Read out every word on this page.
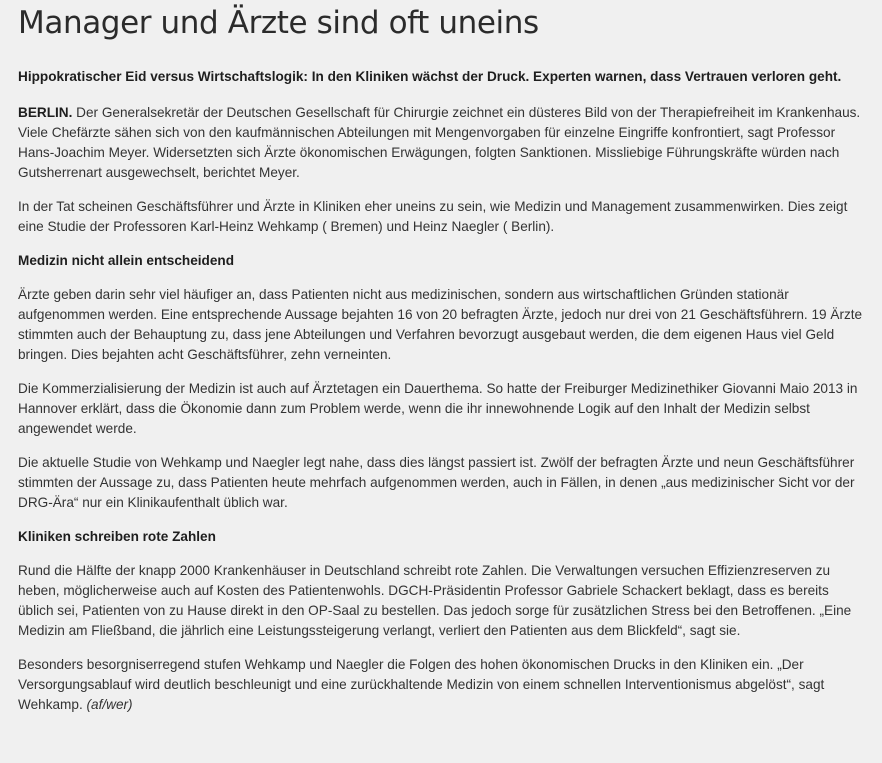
Manager und Ärzte sind oft uneins
Hippokratischer Eid versus Wirtschaftslogik: In den Kliniken wächst der Druck. Experten warnen, dass Vertrauen verloren geht.

BERLIN. Der Generalsekretär der Deutschen Gesellschaft für Chirurgie zeichnet ein düsteres Bild von der Therapiefreiheit im Krankenhaus. Viele Chefärzte sähen sich von den kaufmännischen Abteilungen mit Mengenvorgaben für einzelne Eingriffe konfrontiert, sagt Professor Hans-Joachim Meyer. Widersetzten sich Ärzte ökonomischen Erwägungen, folgten Sanktionen. Missliebige Führungskräfte würden nach Gutsherrenart ausgewechselt, berichtet Meyer.

In der Tat scheinen Geschäftsführer und Ärzte in Kliniken eher uneins zu sein, wie Medizin und Management zusammenwirken. Dies zeigt eine Studie der Professoren Karl-Heinz Wehkamp ( Bremen) und Heinz Naegler ( Berlin).

Medizin nicht allein entscheidend

Ärzte geben darin sehr viel häufiger an, dass Patienten nicht aus medizinischen, sondern aus wirtschaftlichen Gründen stationär aufgenommen werden. Eine entsprechende Aussage bejahten 16 von 20 befragten Ärzte, jedoch nur drei von 21 Geschäftsführern. 19 Ärzte stimmten auch der Behauptung zu, dass jene Abteilungen und Verfahren bevorzugt ausgebaut werden, die dem eigenen Haus viel Geld bringen. Dies bejahten acht Geschäftsführer, zehn verneinten.

Die Kommerzialisierung der Medizin ist auch auf Ärztetagen ein Dauerthema. So hatte der Freiburger Medizinethiker Giovanni Maio 2013 in Hannover erklärt, dass die Ökonomie dann zum Problem werde, wenn die ihr innewohnende Logik auf den Inhalt der Medizin selbst angewendet werde.

Die aktuelle Studie von Wehkamp und Naegler legt nahe, dass dies längst passiert ist. Zwölf der befragten Ärzte und neun Geschäftsführer stimmten der Aussage zu, dass Patienten heute mehrfach aufgenommen werden, auch in Fällen, in denen „aus medizinischer Sicht vor der DRG-Ära“ nur ein Klinikaufenthalt üblich war.

Kliniken schreiben rote Zahlen

Rund die Hälfte der knapp 2000 Krankenhäuser in Deutschland schreibt rote Zahlen. Die Verwaltungen versuchen Effizienzreserven zu heben, möglicherweise auch auf Kosten des Patientenwohls. DGCH-Präsidentin Professor Gabriele Schackert beklagt, dass es bereits üblich sei, Patienten von zu Hause direkt in den OP-Saal zu bestellen. Das jedoch sorge für zusätzlichen Stress bei den Betroffenen. „Eine Medizin am Fließband, die jährlich eine Leistungssteigerung verlangt, verliert den Patienten aus dem Blickfeld“, sagt sie.

Besonders besorgniserregend stufen Wehkamp und Naegler die Folgen des hohen ökonomischen Drucks in den Kliniken ein. „Der Versorgungsablauf wird deutlich beschleunigt und eine zurückhaltende Medizin von einem schnellen Interventionismus abgelöst“, sagt Wehkamp. (af/wer)
